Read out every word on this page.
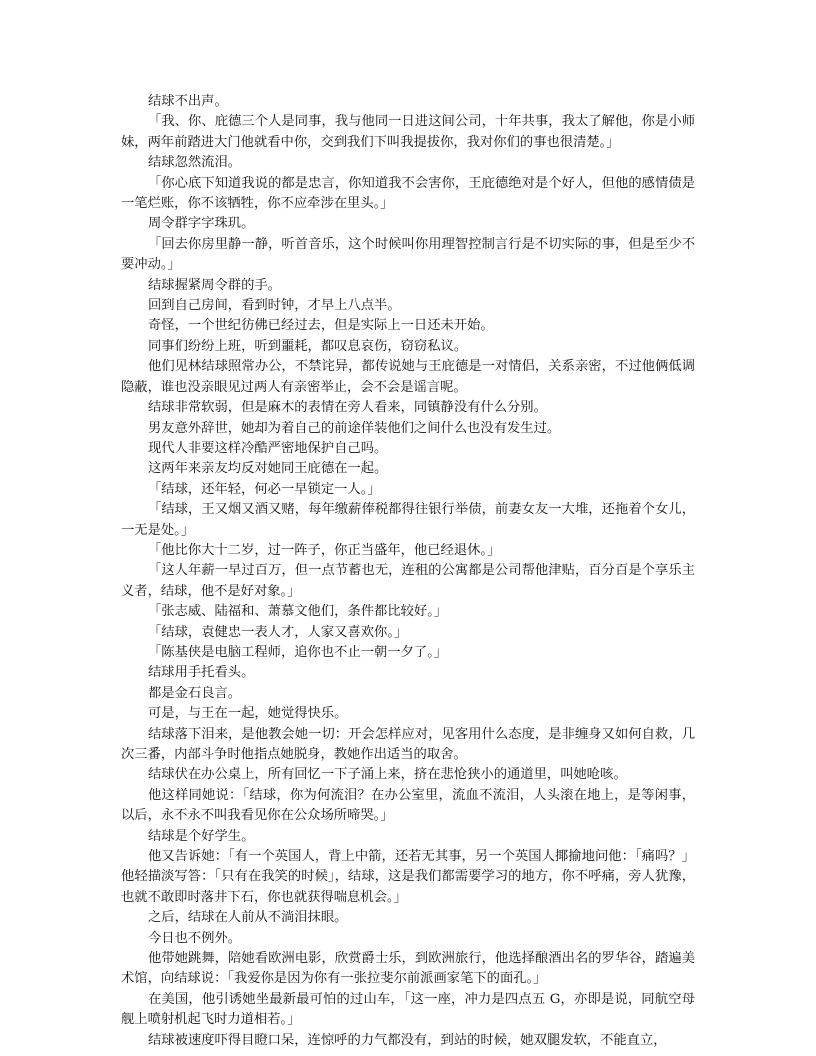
结球不出声。

「我、你、庇德三个人是同事，我与他同一日进这间公司，十年共事，我太了解他，你是小师妹，两年前踏进大门他就看中你，交到我们下叫我提拔你，我对你们的事也很清楚。」

结球忽然流泪。

「你心底下知道我说的都是忠言，你知道我不会害你，王庇德绝对是个好人，但他的感情债是一笔烂账，你不该牺牲，你不应牵涉在里头。」

周令群字字珠玑。

「回去你房里静一静，听首音乐，这个时候叫你用理智控制言行是不切实际的事，但是至少不要冲动。」

结球握紧周令群的手。

回到自己房间，看到时钟，才早上八点半。

奇怪，一个世纪彷佛已经过去，但是实际上一日还未开始。

同事们纷纷上班，听到噩耗，都叹息哀伤，窃窃私议。

他们见林结球照常办公，不禁诧异，都传说她与王庇德是一对情侣，关系亲密，不过他俩低调隐蔽，谁也没亲眼见过两人有亲密举止，会不会是谣言呢。

结球非常软弱，但是麻木的表情在旁人看来，同镇静没有什么分别。

男友意外辞世，她却为着自己的前途佯装他们之间什么也没有发生过。

现代人非要这样冷酷严密地保护自己吗。

这两年来亲友均反对她同王庇德在一起。

「结球，还年轻，何必一早锁定一人。」

「结球，王又烟又酒又赌，每年缴薪俸税都得往银行举债，前妻女友一大堆，还拖着个女儿，一无是处。」

「他比你大十二岁，过一阵子，你正当盛年，他已经退休。」

「这人年薪一早过百万，但一点节蓄也无，连租的公寓都是公司帮他津贴，百分百是个享乐主义者，结球，他不是好对象。」

「张志威、陆福和、萧慕文他们，条件都比较好。」

「结球，袁健忠一表人才，人家又喜欢你。」

「陈基侠是电脑工程师，追你也不止一朝一夕了。」

结球用手托看头。

都是金石良言。

可是，与王在一起，她觉得快乐。

结球落下泪来，是他教会她一切：开会怎样应对，见客用什么态度，是非缠身又如何自救，几次三番，内部斗争时他指点她脱身，教她作出适当的取舍。

结球伏在办公桌上，所有回忆一下子涌上来，挤在悲怆狭小的通道里，叫她呛咳。

他这样同她说：「结球，你为何流泪？在办公室里，流血不流泪，人头滚在地上，是等闲事，以后，永不永不叫我看见你在公众场所啼哭。」

结球是个好学生。

他又告诉她：「有一个英国人，背上中箭，还若无其事，另一个英国人揶揄地问他：「痛吗？」他轻描淡写答：「只有在我笑的时候」，结球，这是我们都需要学习的地方，你不呼痛，旁人犹豫，也就不敢即时落井下石，你也就获得喘息机会。」

之后，结球在人前从不淌泪抹眼。

今日也不例外。

他带她跳舞，陪她看欧洲电影，欣赏爵士乐，到欧洲旅行，他选择酿酒出名的罗华谷，踏遍美术馆，向结球说：「我爱你是因为你有一张拉斐尔前派画家笔下的面孔。」

在美国，他引诱她坐最新最可怕的过山车，「这一座，冲力是四点五 G，亦即是说，同航空母舰上喷射机起飞时力道相若。」

结球被速度吓得目瞪口呆，连惊呼的力气都没有，到站的时候，她双腿发软，不能直立，
